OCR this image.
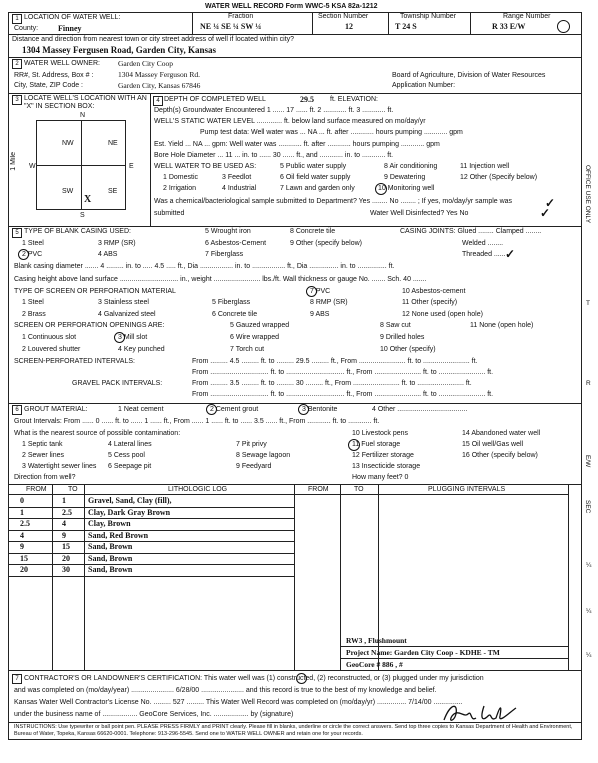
WATER WELL RECORD Form WWC-5 KSA 82a-1212
Fraction
NE ¼ SE ¼ SW ¼
Section Number
12
Township Number
T 24 S
Range Number
R 33 E/W
1 LOCATION OF WATER WELL:
County: Finney
Distance and direction from nearest town or city street address of well if located within city?
1304 Massey Fergusen Road, Garden City, Kansas
2 WATER WELL OWNER: Garden City Coop
RR#, St. Address, Box # :	1304 Massey Ferguson Rd.
City, State, ZIP Code :	Garden City, Kansas 67846
Board of Agriculture, Division of Water Resources
Application Number:
3 LOCATE WELL'S LOCATION WITH AN "X" IN SECTION BOX:
N
S
W	E
NW	NE
SW	SE
X
1 Mile
4 DEPTH OF COMPLETED WELL	29.5 ft. ELEVATION:
Depth(s) Groundwater Encountered 1 ...... 17 ...... ft. 2 ............ ft. 3 ............ ft.
WELL'S STATIC WATER LEVEL ............. ft. below land surface measured on mo/day/yr
Pump test data: Well water was ... NA ... ft. after ............ hours pumping ............ gpm
Est. Yield ... NA ... gpm: Well water was ............ ft. after ............ hours pumping ............ gpm
Bore Hole Diameter ... 11 ... in. to ...... 30 ...... ft., and ............ in. to ............ ft.
WELL WATER TO BE USED AS:
1 Domestic	3 Feedlot
5 Public water supply	8 Air conditioning	11 Injection well
2 Irrigation	4 Industrial
6 Oil field water supply	9 Dewatering	12 Other (Specify below)
7 Lawn and garden only	10 Monitoring well
Was a chemical/bacteriological sample submitted to Department? Yes ........ No ........ ; If yes, mo/day/yr sample was
submitted	Water Well Disinfected? Yes No
✓
✓
5 TYPE OF BLANK CASING USED:
1 Steel	3 RMP (SR)
5 Wrought iron	8 Concrete tile
2 PVC	4 ABS
6 Asbestos-Cement	9 Other (specify below)
7 Fiberglass
CASING JOINTS: Glued ........ Clamped ........
Welded ........
Threaded ...... ✓
Blank casing diameter ....... 4 ......... in. to ..... 4.5 ..... ft., Dia ................. in. to ................. ft., Dia ............... in. to ............... ft.
Casing height above land surface .............................. in., weight ........................ lbs./ft. Wall thickness or gauge No. ....... Sch. 40 .......
TYPE OF SCREEN OR PERFORATION MATERIAL
1 Steel	3 Stainless steel	5 Fiberglass
7 PVC	10 Asbestos-cement
2 Brass	4 Galvanized steel	6 Concrete tile
8 RMP (SR)	11 Other (specify)
9 ABS	12 None used (open hole)
SCREEN OR PERFORATION OPENINGS ARE:
1 Continuous slot	3 Mill slot
5 Gauzed wrapped	8 Saw cut	11 None (open hole)
2 Louvered shutter	4 Key punched
6 Wire wrapped	9 Drilled holes
7 Torch cut	10 Other (specify)
SCREEN-PERFORATED INTERVALS:	From ......... 4.5 ......... ft. to ......... 29.5 ......... ft., From ........................ ft. to ........................ ft.
From .............................. ft. to .............................. ft., From ........................ ft. to ........................ ft.
GRAVEL PACK INTERVALS:	From ......... 3.5 ......... ft. to ......... 30 ......... ft., From ........................ ft. to ........................ ft.
From .............................. ft. to .............................. ft., From ........................ ft. to ........................ ft.
6 GROUT MATERIAL:	1 Neat cement	2 Cement grout	3 Bentonite	4 Other ....................................
Grout Intervals: From ...... 0 ...... ft. to ...... 1 ...... ft., From ...... 1 ...... ft. to ...... 3.5 ...... ft., From ............ ft. to ............ ft.
What is the nearest source of possible contamination:
1 Septic tank	4 Lateral lines	7 Pit privy
10 Livestock pens	14 Abandoned water well
2 Sewer lines	5 Cess pool	8 Sewage lagoon
11 Fuel storage	15 Oil well/Gas well
3 Watertight sewer lines 6 Seepage pit	9 Feedyard
12 Fertilizer storage	16 Other (specify below)
13 Insecticide storage
Direction from well?	How many feet? 0
FROM	TO	LITHOLOGIC LOG	FROM	TO	PLUGGING INTERVALS
0	1	Gravel, Sand, Clay (fill),
1	2.5 Clay, Dark Gray Brown
2.5	4	Clay, Brown
4	9	Sand, Red Brown
9	15 Sand, Brown
15	20 Sand, Brown
20	30 Sand, Brown
RW3 , Flushmount
Project Name: Garden City Coop - KDHE - TM
GeoCore # 886 , #
7 CONTRACTOR'S OR LANDOWNER'S CERTIFICATION: This water well was (1) constructed, (2) reconstructed, or (3) plugged under my jurisdiction
and was completed on (mo/day/year) ...................... 6/28/00 ...................... and this record is true to the best of my knowledge and belief.
Kansas Water Well Contractor's License No. ......... 527 ......... This Water Well Record was completed on (mo/day/yr) ............... 7/14/00 ...............
under the business name of .................. GeoCore Services, Inc. .................. by (signature)
INSTRUCTIONS: Use typewriter or ball point pen. PLEASE PRESS FIRMLY and PRINT clearly. Please fill in blanks, underline or circle the correct answers. Send top three copies to Kansas Department of Health and Environment, Bureau of Water, Topeka, Kansas 66620-0001. Telephone: 913-296-5545. Send one to WATER WELL OWNER and retain one for your records.
OFFICE USE ONLY
T
R
E/W
SEC
¼
¼
¼
